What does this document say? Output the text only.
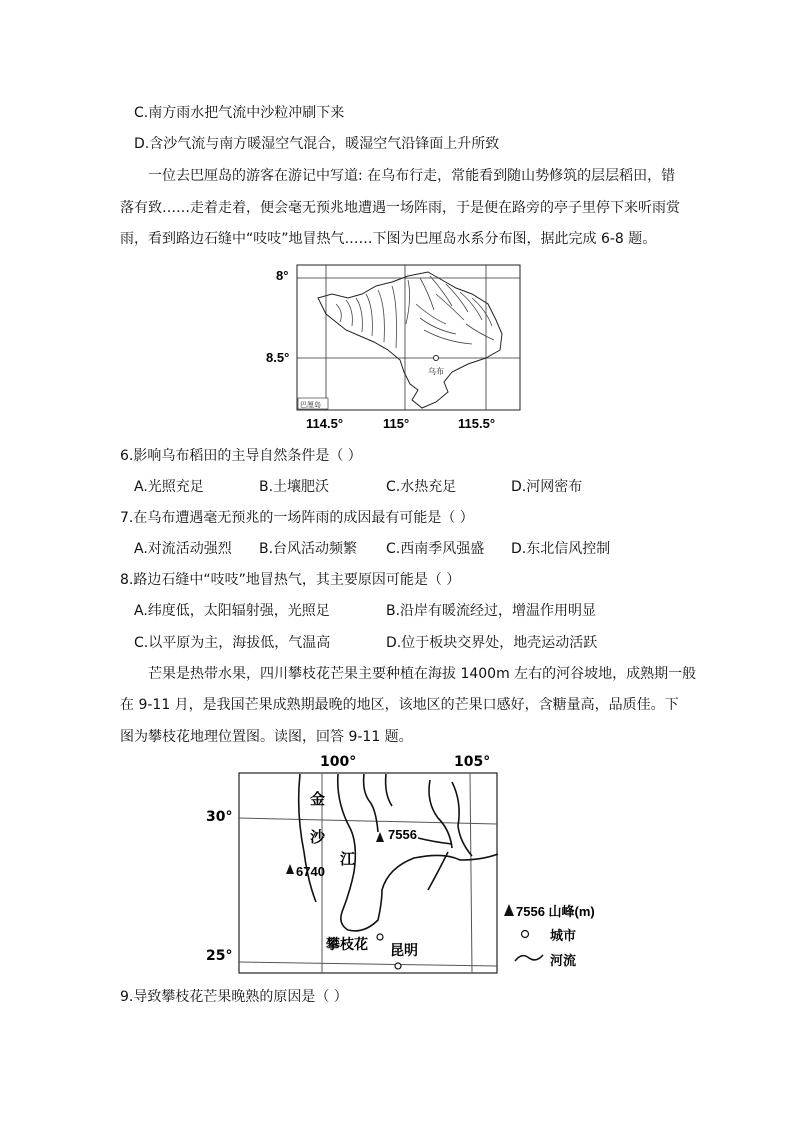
C.南方雨水把气流中沙粒冲刷下来
D.含沙气流与南方暖湿空气混合，暖湿空气沿锋面上升所致
一位去巴厘岛的游客在游记中写道: 在乌布行走，常能看到随山势修筑的层层稻田，错
落有致……走着走着，便会毫无预兆地遭遇一场阵雨，于是便在路旁的亭子里停下来听雨赏
雨，看到路边石缝中“吱吱”地冒热气……下图为巴厘岛水系分布图，据此完成 6-8 题。
8°
8.5°
114.5°	115°	115.5°
乌布
巴厘岛
6.影响乌布稻田的主导自然条件是（ ）
A.光照充足	B.土壤肥沃	C.水热充足	D.河网密布
7.在乌布遭遇毫无预兆的一场阵雨的成因最有可能是（ ）
A.对流活动强烈 B.台风活动频繁 C.西南季风强盛 D.东北信风控制
8.路边石缝中“吱吱”地冒热气，其主要原因可能是（ ）
A.纬度低，太阳辐射强，光照足	B.沿岸有暖流经过，增温作用明显
C.以平原为主，海拔低，气温高	D.位于板块交界处，地壳运动活跃
芒果是热带水果，四川攀枝花芒果主要种植在海拔 1400m 左右的河谷坡地，成熟期一般
在 9-11 月，是我国芒果成熟期最晚的地区，该地区的芒果口感好，含糖量高，品质佳。下
图为攀枝花地理位置图。读图，回答 9-11 题。
100°	105°
30°
25°
金
沙
江
7556
6740
攀枝花 昆明
7556 山峰(m)
城市
河流
9.导致攀枝花芒果晚熟的原因是（ ）
